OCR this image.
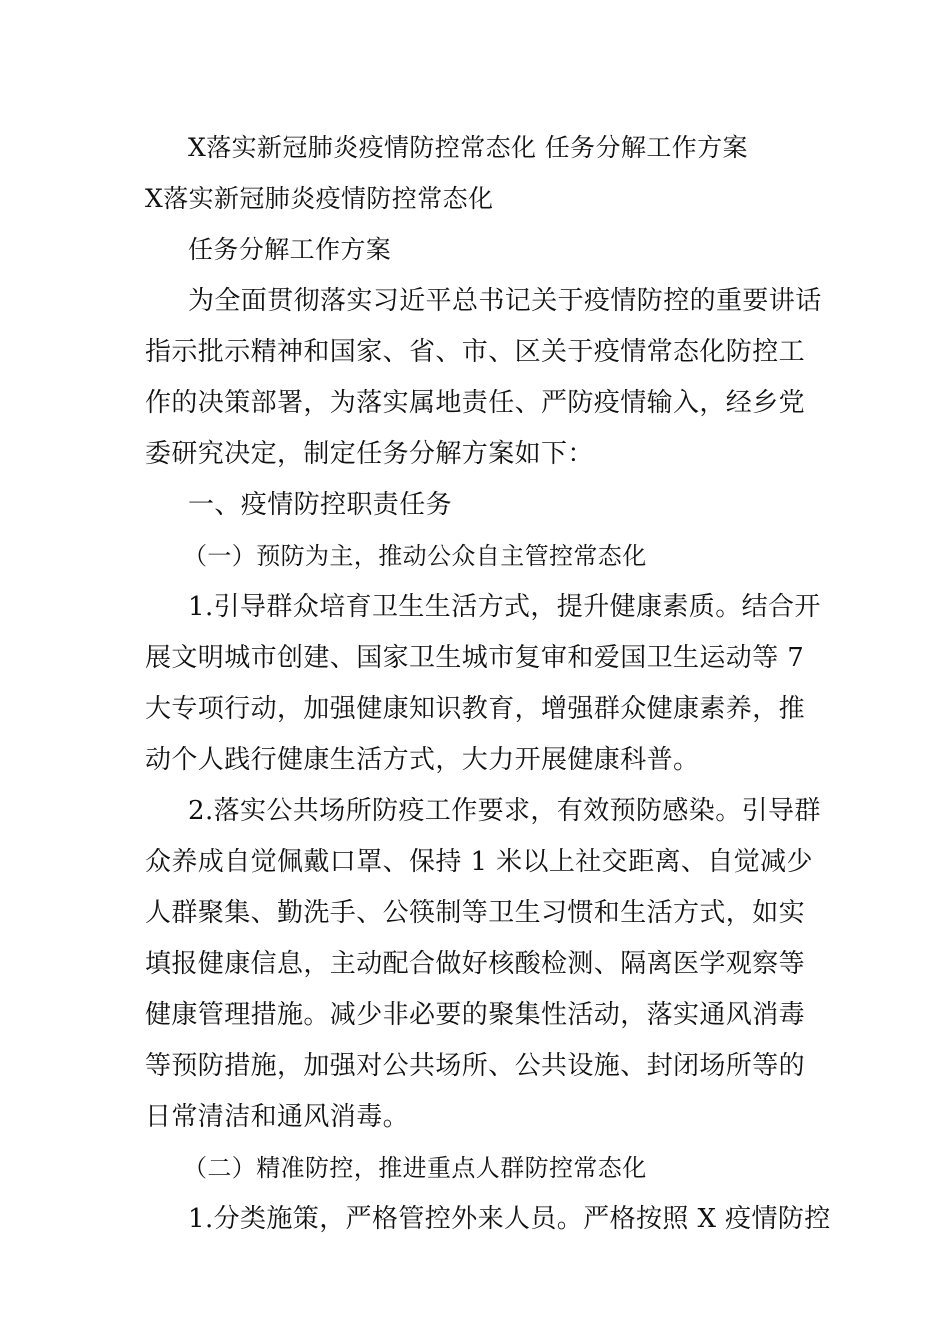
X落实新冠肺炎疫情防控常态化 任务分解工作方案
X落实新冠肺炎疫情防控常态化
任务分解工作方案
为全面贯彻落实习近平总书记关于疫情防控的重要讲话
指示批示精神和国家、省、市、区关于疫情常态化防控工
作的决策部署，为落实属地责任、严防疫情输入，经乡党
委研究决定，制定任务分解方案如下：
一、疫情防控职责任务
（一）预防为主，推动公众自主管控常态化
1.引导群众培育卫生生活方式，提升健康素质。结合开
展文明城市创建、国家卫生城市复审和爱国卫生运动等 7
大专项行动，加强健康知识教育，增强群众健康素养，推
动个人践行健康生活方式，大力开展健康科普。
2.落实公共场所防疫工作要求，有效预防感染。引导群
众养成自觉佩戴口罩、保持 1 米以上社交距离、自觉减少
人群聚集、勤洗手、公筷制等卫生习惯和生活方式，如实
填报健康信息，主动配合做好核酸检测、隔离医学观察等
健康管理措施。减少非必要的聚集性活动，落实通风消毒
等预防措施，加强对公共场所、公共设施、封闭场所等的
日常清洁和通风消毒。
（二）精准防控，推进重点人群防控常态化
1.分类施策，严格管控外来人员。严格按照 X 疫情防控
